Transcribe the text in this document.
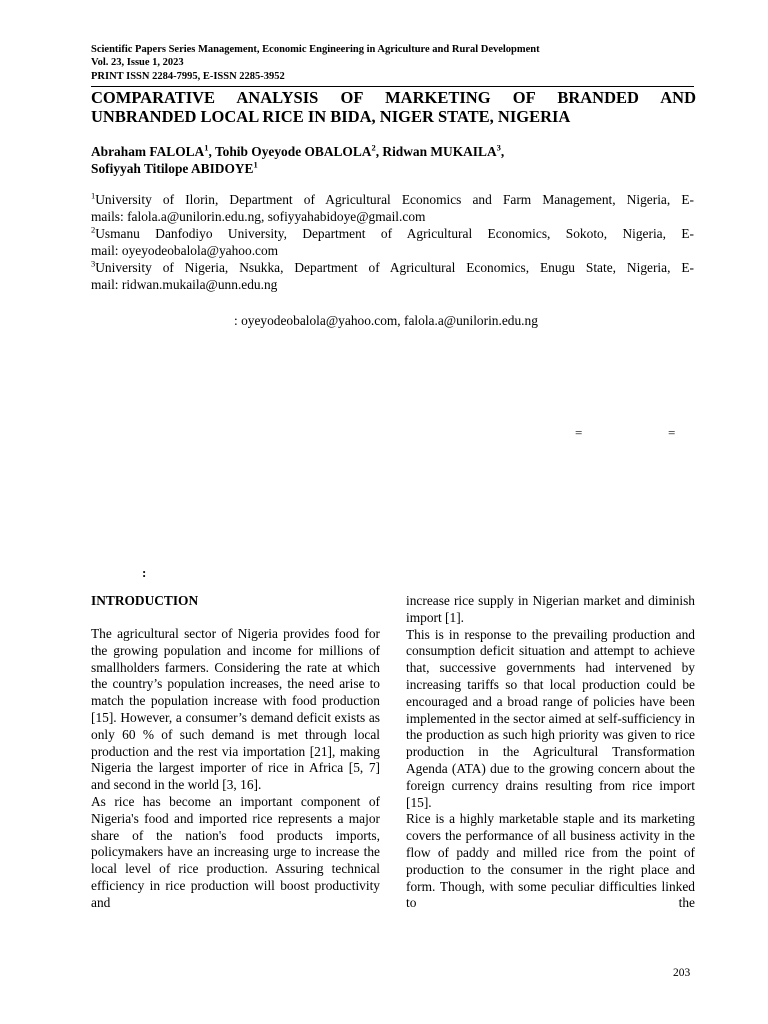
Scientific Papers Series Management, Economic Engineering in Agriculture and Rural Development
Vol. 23, Issue 1, 2023
PRINT ISSN 2284-7995, E-ISSN 2285-3952
COMPARATIVE ANALYSIS OF MARKETING OF BRANDED AND
UNBRANDED LOCAL RICE IN BIDA, NIGER STATE, NIGERIA
Abraham FALOLA$^1$, Tohib Oyeyode OBALOLA$^2$, Ridwan MUKAILA$^3$,
Sofiyyah Titilope ABIDOYE$^1$
$^1$University of Ilorin, Department of Agricultural Economics and Farm Management, Nigeria, E-
mails: falola.a@unilorin.edu.ng, sofiyyahabidoye@gmail.com
$^2$Usmanu Danfodiyo University, Department of Agricultural Economics, Sokoto, Nigeria, E-
mail: oyeyodeobalola@yahoo.com
$^3$University of Nigeria, Nsukka, Department of Agricultural Economics, Enugu State, Nigeria, E-
mail: ridwan.mukaila@unn.edu.ng
: oyeyodeobalola@yahoo.com, falola.a@unilorin.edu.ng
=	=
:
INTRODUCTION

The agricultural sector of Nigeria provides food for the growing population and income for millions of smallholders farmers. Considering the rate at which the country’s population increases, the need arise to match the population increase with food production [15]. However, a consumer’s demand deficit exists as only 60 % of such demand is met through local production and the rest via importation [21], making Nigeria the largest importer of rice in Africa [5, 7] and second in the world [3, 16].

As rice has become an important component of Nigeria's food and imported rice represents a major share of the nation's food products imports, policymakers have an increasing urge to increase the local level of rice production. Assuring technical efficiency in rice production will boost productivity and

increase rice supply in Nigerian market and diminish import [1].

This is in response to the prevailing production and consumption deficit situation and attempt to achieve that, successive governments had intervened by increasing tariffs so that local production could be encouraged and a broad range of policies have been implemented in the sector aimed at self-sufficiency in the production as such high priority was given to rice production in the Agricultural Transformation Agenda (ATA) due to the growing concern about the foreign currency drains resulting from rice import [15].

Rice is a highly marketable staple and its marketing covers the performance of all business activity in the flow of paddy and milled rice from the point of production to the consumer in the right place and form. Though, with some peculiar difficulties linked to the

203
